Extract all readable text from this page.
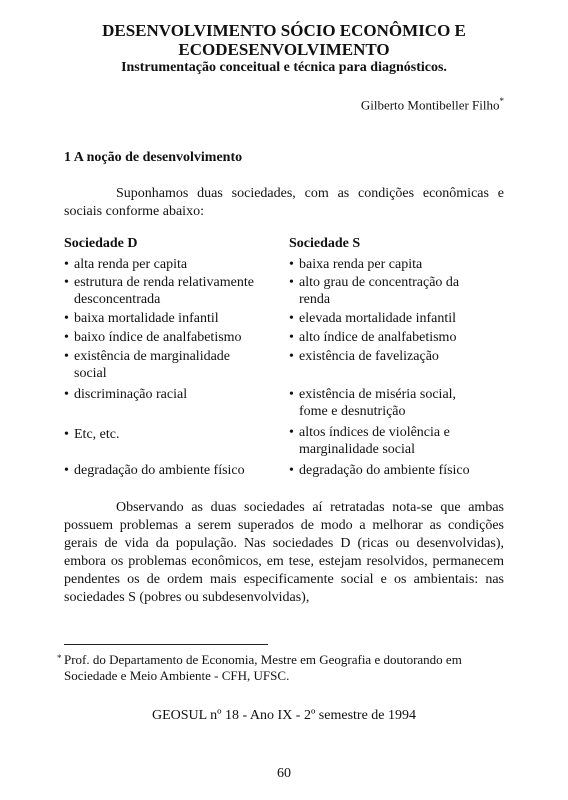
DESENVOLVIMENTO SÓCIO ECONÔMICO E
ECODESENVOLVIMENTO
Instrumentação conceitual e técnica para diagnósticos.
Gilberto Montibeller Filho*
1 A noção de desenvolvimento
Suponhamos duas sociedades, com as condições econômicas e sociais conforme abaixo:
Sociedade D	Sociedade S
• alta renda per capita
• estrutura de renda relativamente
desconcentrada
• baixa mortalidade infantil
• baixo índice de analfabetismo
• existência de marginalidade
social
• discriminação racial
• Etc, etc.
• degradação do ambiente físico
• baixa renda per capita
• alto grau de concentração da
renda
• elevada mortalidade infantil
• alto índice de analfabetismo
• existência de favelização
• existência de miséria social,
fome e desnutrição
• altos índices de violência e
marginalidade social
• degradação do ambiente físico
Observando as duas sociedades aí retratadas nota-se que ambas possuem problemas a serem superados de modo a melhorar as condições gerais de vida da população. Nas sociedades D (ricas ou desenvolvidas), embora os problemas econômicos, em tese, estejam resolvidos, permanecem pendentes os de ordem mais especificamente social e os ambientais: nas sociedades S (pobres ou subdesenvolvidas),
* Prof. do Departamento de Economia, Mestre em Geografia e doutorando em Sociedade e Meio Ambiente - CFH, UFSC.
GEOSUL nº 18 - Ano IX - 2º semestre de 1994
60
